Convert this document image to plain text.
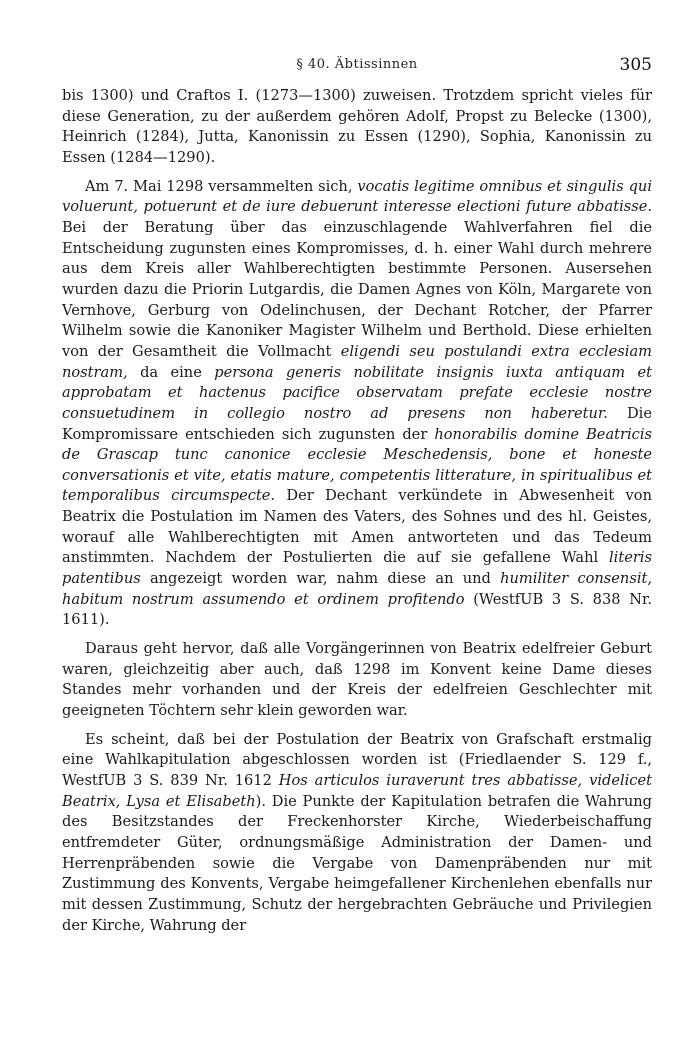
§ 40. Äbtissinnen	305

bis 1300) und Craftos I. (1273—1300) zuweisen. Trotzdem spricht vieles für diese Generation, zu der außerdem gehören Adolf, Propst zu Belecke (1300), Heinrich (1284), Jutta, Kanonissin zu Essen (1290), Sophia, Kanonissin zu Essen (1284—1290).

Am 7. Mai 1298 versammelten sich, vocatis legitime omnibus et singulis qui voluerunt, potuerunt et de iure debuerunt interesse electioni future abbatisse. Bei der Beratung über das einzuschlagende Wahlverfahren fiel die Entscheidung zugunsten eines Kompromisses, d. h. einer Wahl durch mehrere aus dem Kreis aller Wahlberechtigten bestimmte Personen. Ausersehen wurden dazu die Priorin Lutgardis, die Damen Agnes von Köln, Margarete von Vernhove, Gerburg von Odelinchusen, der Dechant Rotcher, der Pfarrer Wilhelm sowie die Kanoniker Magister Wilhelm und Berthold. Diese erhielten von der Gesamtheit die Vollmacht eligendi seu postulandi extra ecclesiam nostram, da eine persona generis nobilitate insignis iuxta antiquam et approbatam et hactenus pacifice observatam prefate ecclesie nostre consuetudinem in collegio nostro ad presens non haberetur. Die Kompromissare entschieden sich zugunsten der honorabilis domine Beatricis de Grascap tunc canonice ecclesie Meschedensis, bone et honeste conversationis et vite, etatis mature, competentis litterature, in spiritualibus et temporalibus circumspecte. Der Dechant verkündete in Abwesenheit von Beatrix die Postulation im Namen des Vaters, des Sohnes und des hl. Geistes, worauf alle Wahlberechtigten mit Amen antworteten und das Tedeum anstimmten. Nachdem der Postulierten die auf sie gefallene Wahl literis patentibus angezeigt worden war, nahm diese an und humiliter consensit, habitum nostrum assumendo et ordinem profitendo (WestfUB 3 S. 838 Nr. 1611).

Daraus geht hervor, daß alle Vorgängerinnen von Beatrix edelfreier Geburt waren, gleichzeitig aber auch, daß 1298 im Konvent keine Dame dieses Standes mehr vorhanden und der Kreis der edelfreien Geschlechter mit geeigneten Töchtern sehr klein geworden war.

Es scheint, daß bei der Postulation der Beatrix von Grafschaft erstmalig eine Wahlkapitulation abgeschlossen worden ist (Friedlaender S. 129 f., WestfUB 3 S. 839 Nr. 1612 Hos articulos iuraverunt tres abbatisse, videlicet Beatrix, Lysa et Elisabeth). Die Punkte der Kapitulation betrafen die Wahrung des Besitzstandes der Freckenhorster Kirche, Wiederbeischaffung entfremdeter Güter, ordnungsmäßige Administration der Damen- und Herrenpräbenden sowie die Vergabe von Damenpräbenden nur mit Zustimmung des Konvents, Vergabe heimgefallener Kirchenlehen ebenfalls nur mit dessen Zustimmung, Schutz der hergebrachten Gebräuche und Privilegien der Kirche, Wahrung der
